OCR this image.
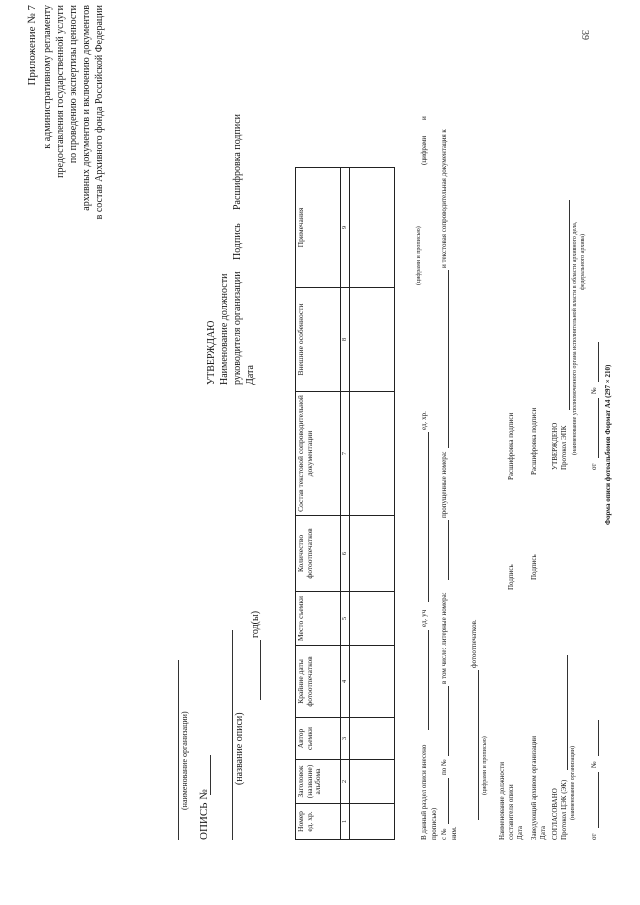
39
Приложение № 7 к административному регламенту предоставления государственной услуги по проведению экспертизы ценности архивных документов и включению документов в состав Архивного фонда Российской Федерации
(наименование организации)
ОПИСЬ №
(название описи)
год(ы)
УТВЕРЖДАЮ Наименование должности руководителя организации
Подпись
Расшифровка подписи
Дата
Номер ед. хр.	Заголовок (название) альбома	Автор съемки	Крайние даты фотоотпечатков	Место съемки	Количество фотоотпечатков	Состав текстовой сопроводительной документации	Внешние особенности	Примечания
1	2	3	4	5	6	7	8	9

В данный раздел описи внесено
ед. уч
ед. хр.
(цифрами и прописью)
(цифрами
и
прописью) с №
по №
в том числе: литерные номера:
пропущенные номера:
и текстовая сопроводительная документация к
ним.
фотоотпечатков.
(цифрами и прописью) Наименование должности составителя описи
Подпись
Расшифровка подписи
Дата Заведующий архивом организации
Подпись
Расшифровка подписи
Дата СОГЛАСОВАНО Протокол ЦЭК (ЭК) (наименование организации)
от
№
УТВЕРЖДЕНО Протокол ЭПК (наименование уполномоченного органа исполнительной власти в области архивного дела, федерального архива)
от
№ Форма описи фотоальбомов Формат А4 (297 × 210)
